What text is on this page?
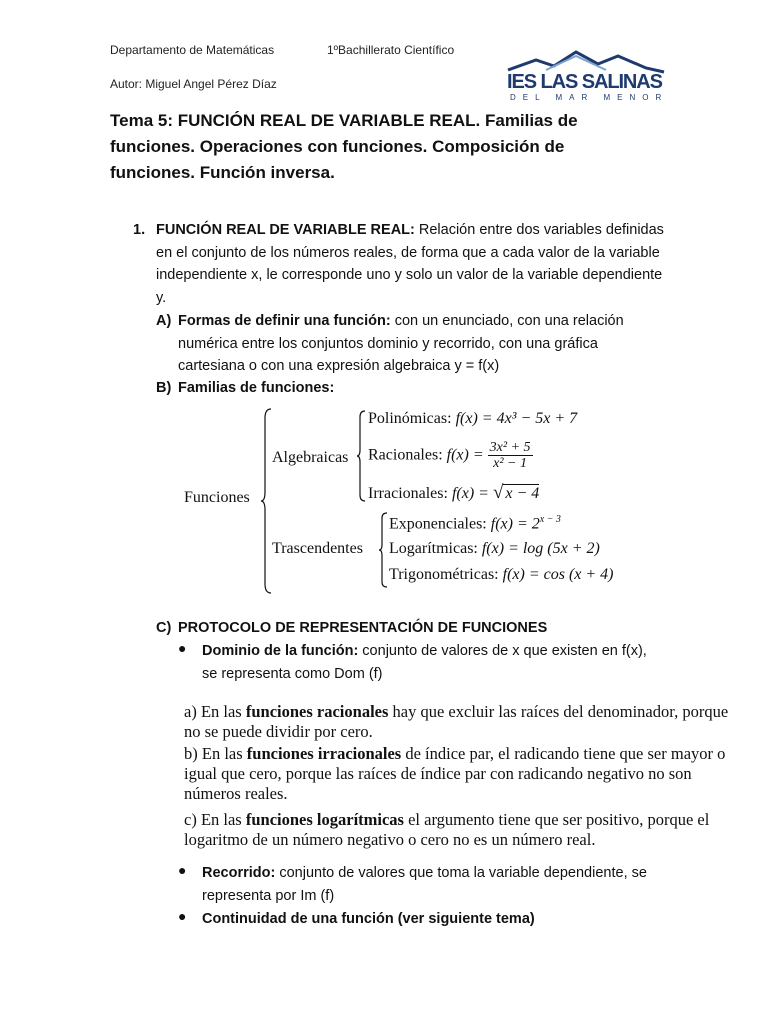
Departamento de Matemáticas	1ºBachillerato Científico
Autor: Miguel Angel Pérez Díaz	IES LAS SALINAS
DEL MAR MENOR
Tema 5: FUNCIÓN REAL DE VARIABLE REAL. Familias de funciones. Operaciones con funciones. Composición de funciones. Función inversa.
1. FUNCIÓN REAL DE VARIABLE REAL: Relación entre dos variables definidas en el conjunto de los números reales, de forma que a cada valor de la variable independiente x, le corresponde uno y solo un valor de la variable dependiente y.
A) Formas de definir una función: con un enunciado, con una relación numérica entre los conjuntos dominio y recorrido, con una gráfica cartesiana o con una expresión algebraica y = f(x)
B) Familias de funciones:
Funciones
Algebraicas
Polinómicas: f(x) = 4x³ − 5x + 7
Racionales: $f(x) = \frac{\text{3x² + 5}}{\text{x² − 1}}$
Irracionales: f(x) = √ x − 4
Trascendentes
Exponenciales: $f(x) = 2^{x - 3}$
Logarítmicas: f(x) = log (5x + 2)
Trigonométricas: f(x) = cos (x + 4)
C) PROTOCOLO DE REPRESENTACIÓN DE FUNCIONES
● Dominio de la función: conjunto de valores de x que existen en f(x), se representa como Dom (f)
a) En las funciones racionales hay que excluir las raíces del denominador, porque no se puede dividir por cero.
b) En las funciones irracionales de índice par, el radicando tiene que ser mayor o igual que cero, porque las raíces de índice par con radicando negativo no son números reales.
c) En las funciones logarítmicas el argumento tiene que ser positivo, porque el logaritmo de un número negativo o cero no es un número real.
● Recorrido: conjunto de valores que toma la variable dependiente, se representa por Im (f)
● Continuidad de una función (ver siguiente tema)
